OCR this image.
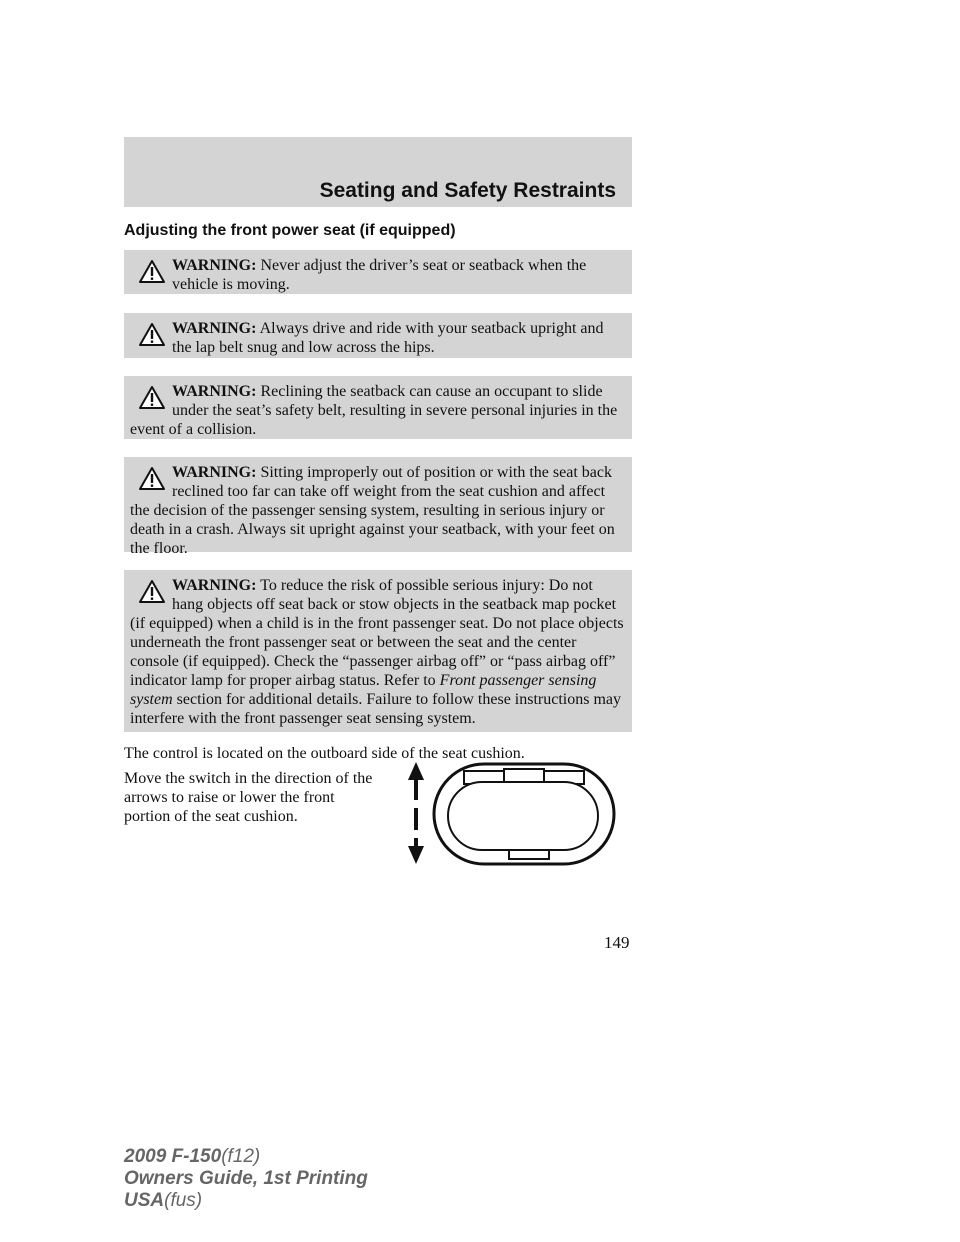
Seating and Safety Restraints
Adjusting the front power seat (if equipped)
WARNING: Never adjust the driver’s seat or seatback when the vehicle is moving.
WARNING: Always drive and ride with your seatback upright and the lap belt snug and low across the hips.
WARNING: Reclining the seatback can cause an occupant to slide under the seat’s safety belt, resulting in severe personal injuries in the event of a collision.
WARNING: Sitting improperly out of position or with the seat back reclined too far can take off weight from the seat cushion and affect the decision of the passenger sensing system, resulting in serious injury or death in a crash. Always sit upright against your seatback, with your feet on the floor.
WARNING: To reduce the risk of possible serious injury: Do not hang objects off seat back or stow objects in the seatback map pocket (if equipped) when a child is in the front passenger seat. Do not place objects underneath the front passenger seat or between the seat and the center console (if equipped). Check the “passenger airbag off” or “pass airbag off” indicator lamp for proper airbag status. Refer to Front passenger sensing system section for additional details. Failure to follow these instructions may interfere with the front passenger seat sensing system.
The control is located on the outboard side of the seat cushion.
Move the switch in the direction of the arrows to raise or lower the front portion of the seat cushion.
149
2009 F-150(f12)
Owners Guide, 1st Printing
USA(fus)
